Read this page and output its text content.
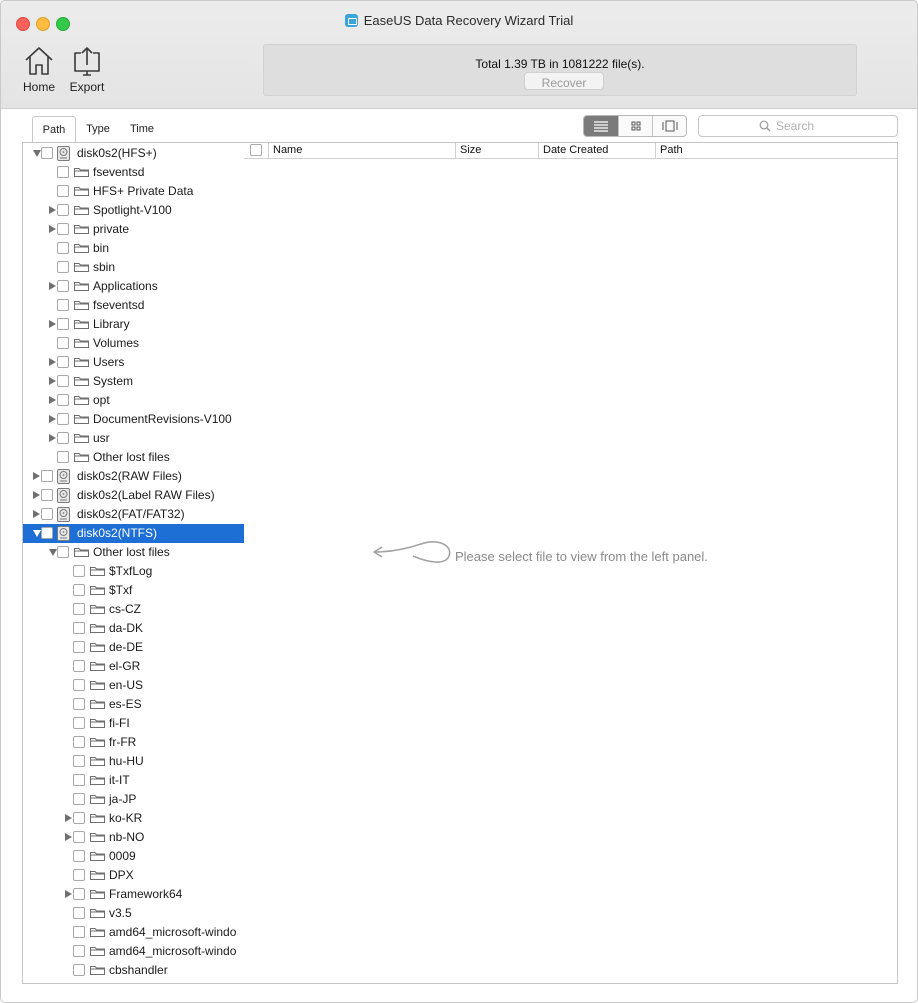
EaseUS Data Recovery Wizard Trial
Home	Export
Total 1.39 TB in 1081222 file(s).
Recover
Path	Type	Time	Search
disk0s2(HFS+)
fseventsd
HFS+ Private Data
Spotlight-V100
private
bin
sbin
Applications
fseventsd
Library
Volumes
Users
System
opt
DocumentRevisions-V100
usr
Other lost files
disk0s2(RAW Files)
disk0s2(Label RAW Files)
disk0s2(FAT/FAT32)
disk0s2(NTFS)
Other lost files
$TxfLog
$Txf
cs-CZ
da-DK
de-DE
el-GR
en-US
es-ES
fi-FI
fr-FR
hu-HU
it-IT
ja-JP
ko-KR
nb-NO
0009
DPX
Framework64
v3.5
amd64_microsoft-windo
amd64_microsoft-windo
cbshandler
Name	Size	Date Created	Path
Please select file to view from the left panel.
